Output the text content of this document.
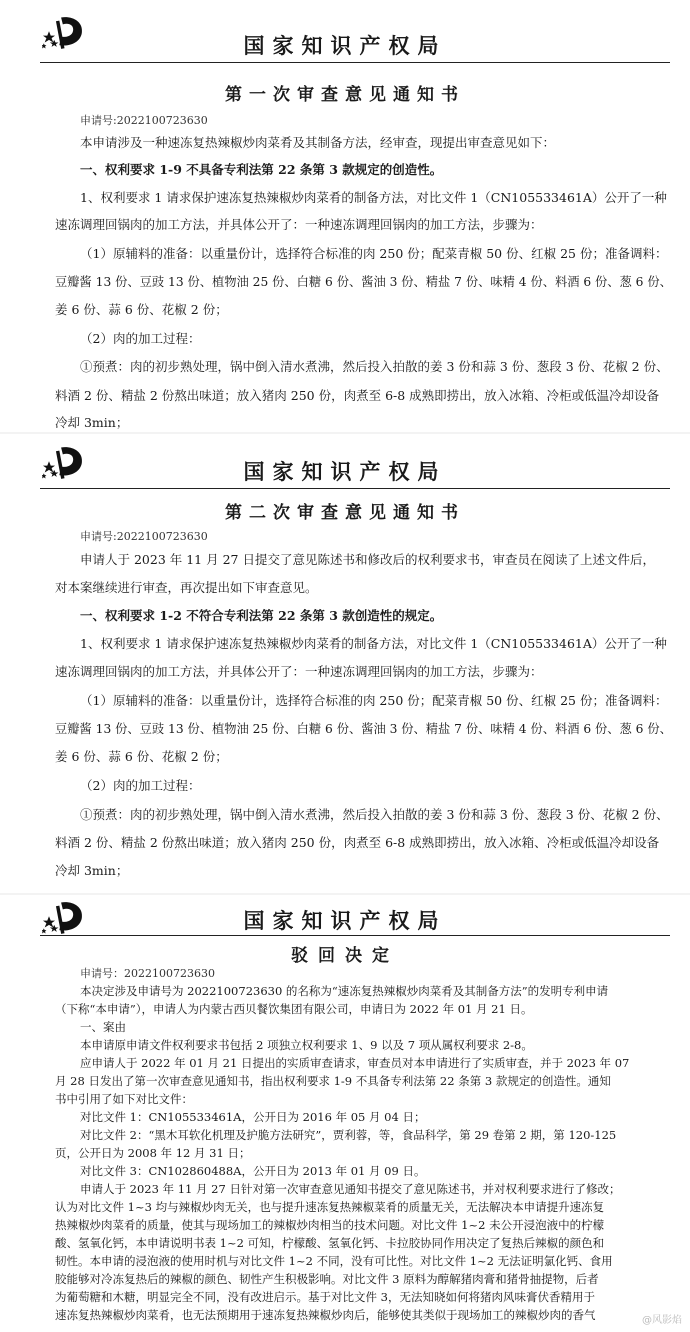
国家知识产权局
第一次审查意见通知书
申请号:2022100723630
本申请涉及一种速冻复热辣椒炒肉菜肴及其制备方法，经审查，现提出审查意见如下：
一、权利要求 1-9 不具备专利法第 22 条第 3 款规定的创造性。
1、权利要求 1 请求保护速冻复热辣椒炒肉菜肴的制备方法，对比文件 1（CN105533461A）公开了一种
速冻调理回锅肉的加工方法，并具体公开了：一种速冻调理回锅肉的加工方法，步骤为：
（1）原辅料的准备：以重量份计，选择符合标准的肉 250 份；配菜青椒 50 份、红椒 25 份；准备调料：
豆瓣酱 13 份、豆豉 13 份、植物油 25 份、白糖 6 份、酱油 3 份、精盐 7 份、味精 4 份、料酒 6 份、葱 6 份、
姜 6 份、蒜 6 份、花椒 2 份；
（2）肉的加工过程：
①预煮：肉的初步熟处理，锅中倒入清水煮沸，然后投入拍散的姜 3 份和蒜 3 份、葱段 3 份、花椒 2 份、
料酒 2 份、精盐 2 份熬出味道；放入猪肉 250 份，肉煮至 6-8 成熟即捞出，放入冰箱、冷柜或低温冷却设备
冷却 3min；
国家知识产权局
第二次审查意见通知书
申请号:2022100723630
申请人于 2023 年 11 月 27 日提交了意见陈述书和修改后的权利要求书，审查员在阅读了上述文件后，
对本案继续进行审查，再次提出如下审查意见。
一、权利要求 1-2 不符合专利法第 22 条第 3 款创造性的规定。
1、权利要求 1 请求保护速冻复热辣椒炒肉菜肴的制备方法，对比文件 1（CN105533461A）公开了一种
速冻调理回锅肉的加工方法，并具体公开了：一种速冻调理回锅肉的加工方法，步骤为：
（1）原辅料的准备：以重量份计，选择符合标准的肉 250 份；配菜青椒 50 份、红椒 25 份；准备调料：
豆瓣酱 13 份、豆豉 13 份、植物油 25 份、白糖 6 份、酱油 3 份、精盐 7 份、味精 4 份、料酒 6 份、葱 6 份、
姜 6 份、蒜 6 份、花椒 2 份；
（2）肉的加工过程：
①预煮：肉的初步熟处理，锅中倒入清水煮沸，然后投入拍散的姜 3 份和蒜 3 份、葱段 3 份、花椒 2 份、
料酒 2 份、精盐 2 份熬出味道；放入猪肉 250 份，肉煮至 6-8 成熟即捞出，放入冰箱、冷柜或低温冷却设备
冷却 3min；
国家知识产权局
驳回决定
申请号：2022100723630
本决定涉及申请号为 2022100723630 的名称为“速冻复热辣椒炒肉菜肴及其制备方法”的发明专利申请
（下称“本申请”），申请人为内蒙古西贝餐饮集团有限公司，申请日为 2022 年 01 月 21 日。
一、案由
本申请原申请文件权利要求书包括 2 项独立权利要求 1、9 以及 7 项从属权利要求 2-8。
应申请人于 2022 年 01 月 21 日提出的实质审查请求，审查员对本申请进行了实质审查，并于 2023 年 07
月 28 日发出了第一次审查意见通知书，指出权利要求 1-9 不具备专利法第 22 条第 3 款规定的创造性。通知
书中引用了如下对比文件：
对比文件 1：CN105533461A，公开日为 2016 年 05 月 04 日；
对比文件 2：“黑木耳软化机理及护脆方法研究”，贾利蓉，等，食品科学，第 29 卷第 2 期，第 120-125
页，公开日为 2008 年 12 月 31 日；
对比文件 3：CN102860488A，公开日为 2013 年 01 月 09 日。
申请人于 2023 年 11 月 27 日针对第一次审查意见通知书提交了意见陈述书，并对权利要求进行了修改；
认为对比文件 1~3 均与辣椒炒肉无关，也与提升速冻复热辣椒菜肴的质量无关，无法解决本申请提升速冻复
热辣椒炒肉菜肴的质量，使其与现场加工的辣椒炒肉相当的技术问题。对比文件 1~2 未公开浸泡液中的柠檬
酸、氢氧化钙，本申请说明书表 1~2 可知，柠檬酸、氢氧化钙、卡拉胶协同作用决定了复热后辣椒的颜色和
韧性。本申请的浸泡液的使用时机与对比文件 1~2 不同，没有可比性。对比文件 1~2 无法证明氯化钙、食用
胶能够对冷冻复热后的辣椒的颜色、韧性产生积极影响。对比文件 3 原料为醇解猪肉膏和猪骨抽提物，后者
为葡萄糖和木糖，明显完全不同，没有改进启示。基于对比文件 3，无法知晓如何将猪肉风味膏伏香精用于
速冻复热辣椒炒肉菜肴，也无法预期用于速冻复热辣椒炒肉后，能够使其类似于现场加工的辣椒炒肉的香气	@风影焰
